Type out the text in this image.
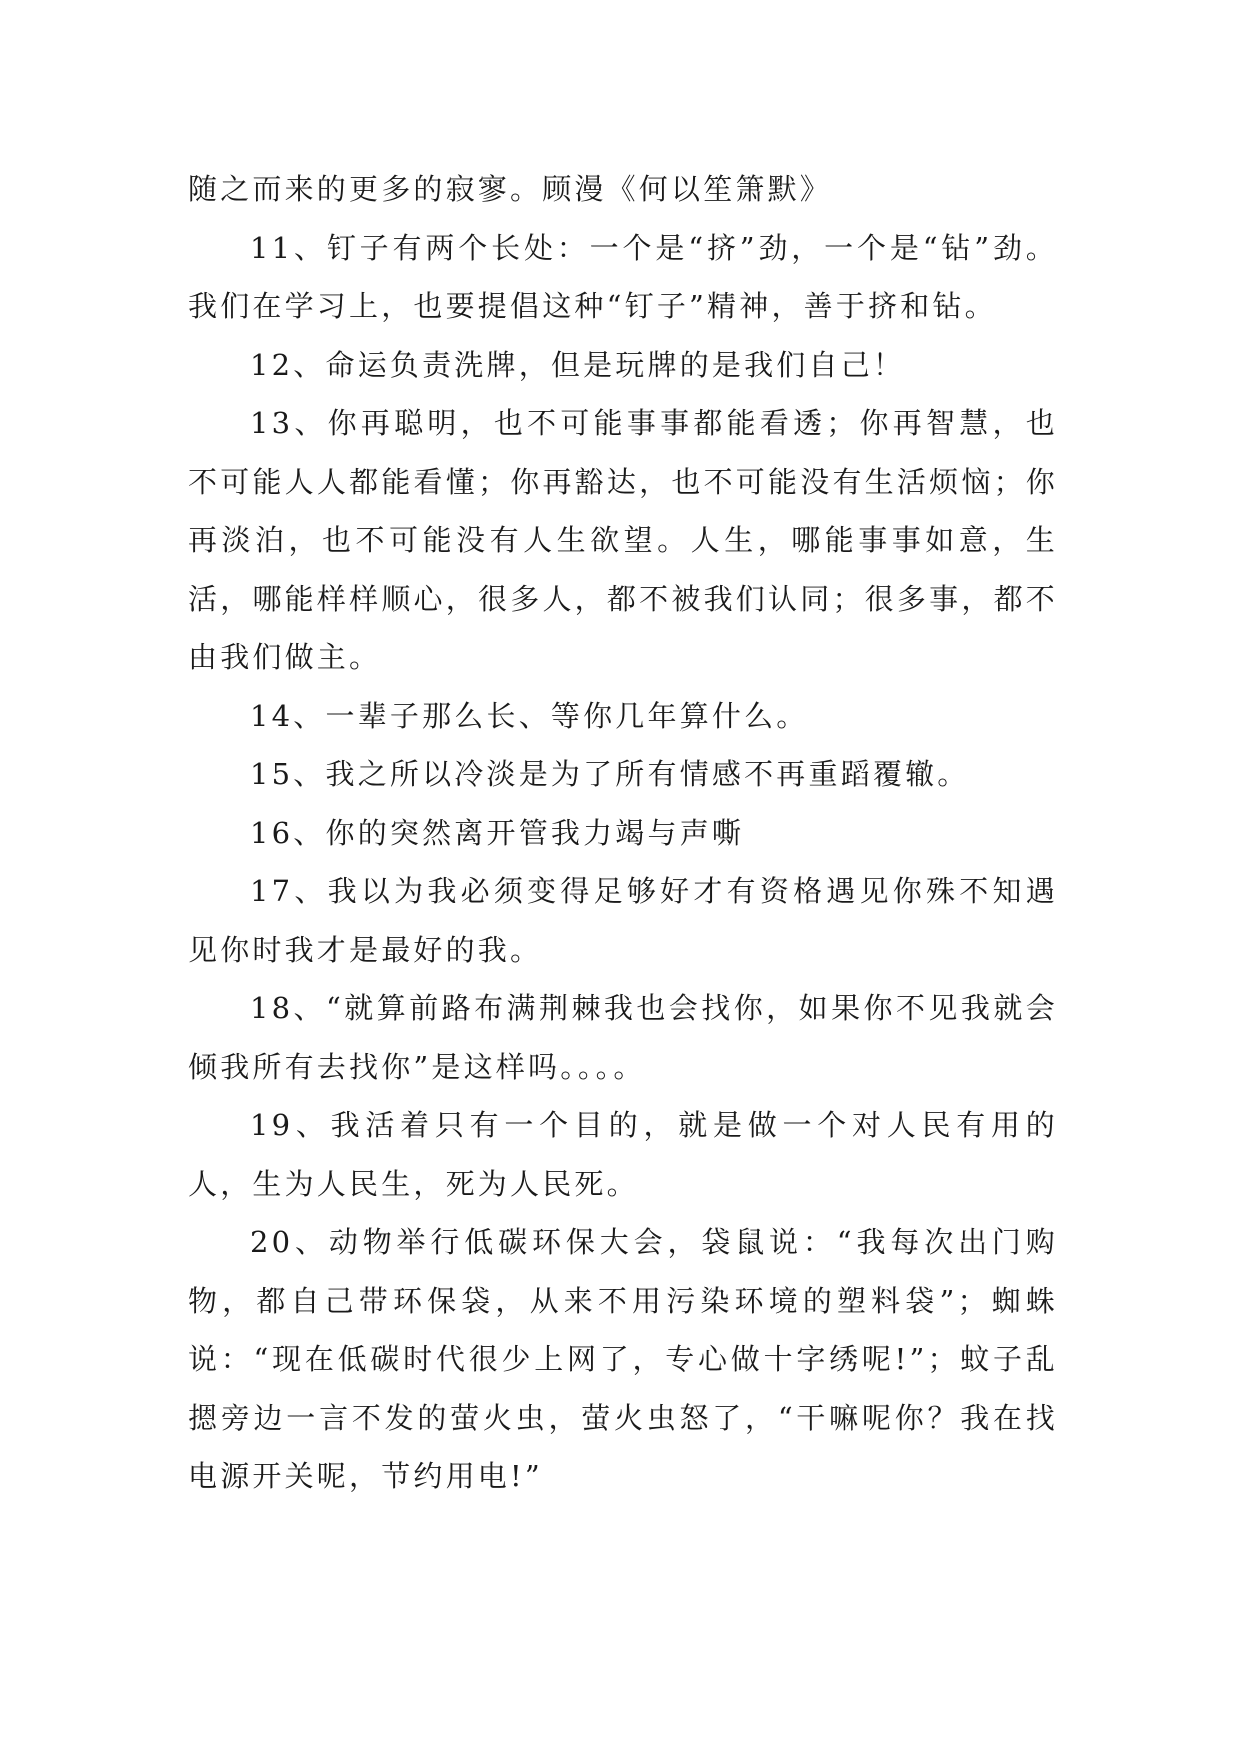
随之而来的更多的寂寥。顾漫《何以笙箫默》

11、钉子有两个长处：一个是“挤”劲，一个是“钻”劲。我们在学习上，也要提倡这种“钉子”精神，善于挤和钻。

12、命运负责洗牌，但是玩牌的是我们自己！

13、你再聪明，也不可能事事都能看透；你再智慧，也不可能人人都能看懂；你再豁达，也不可能没有生活烦恼；你再淡泊，也不可能没有人生欲望。人生，哪能事事如意，生活，哪能样样顺心，很多人，都不被我们认同；很多事，都不由我们做主。

14、一辈子那么长、等你几年算什么。

15、我之所以冷淡是为了所有情感不再重蹈覆辙。

16、你的突然离开管我力竭与声嘶

17、我以为我必须变得足够好才有资格遇见你殊不知遇见你时我才是最好的我。

18、“就算前路布满荆棘我也会找你，如果你不见我就会倾我所有去找你”是这样吗。。。。

19、我活着只有一个目的，就是做一个对人民有用的人，生为人民生，死为人民死。

20、动物举行低碳环保大会，袋鼠说：“我每次出门购物，都自己带环保袋，从来不用污染环境的塑料袋”；蜘蛛说：“现在低碳时代很少上网了，专心做十字绣呢!”；蚊子乱摁旁边一言不发的萤火虫，萤火虫怒了，“干嘛呢你？我在找电源开关呢，节约用电!”
